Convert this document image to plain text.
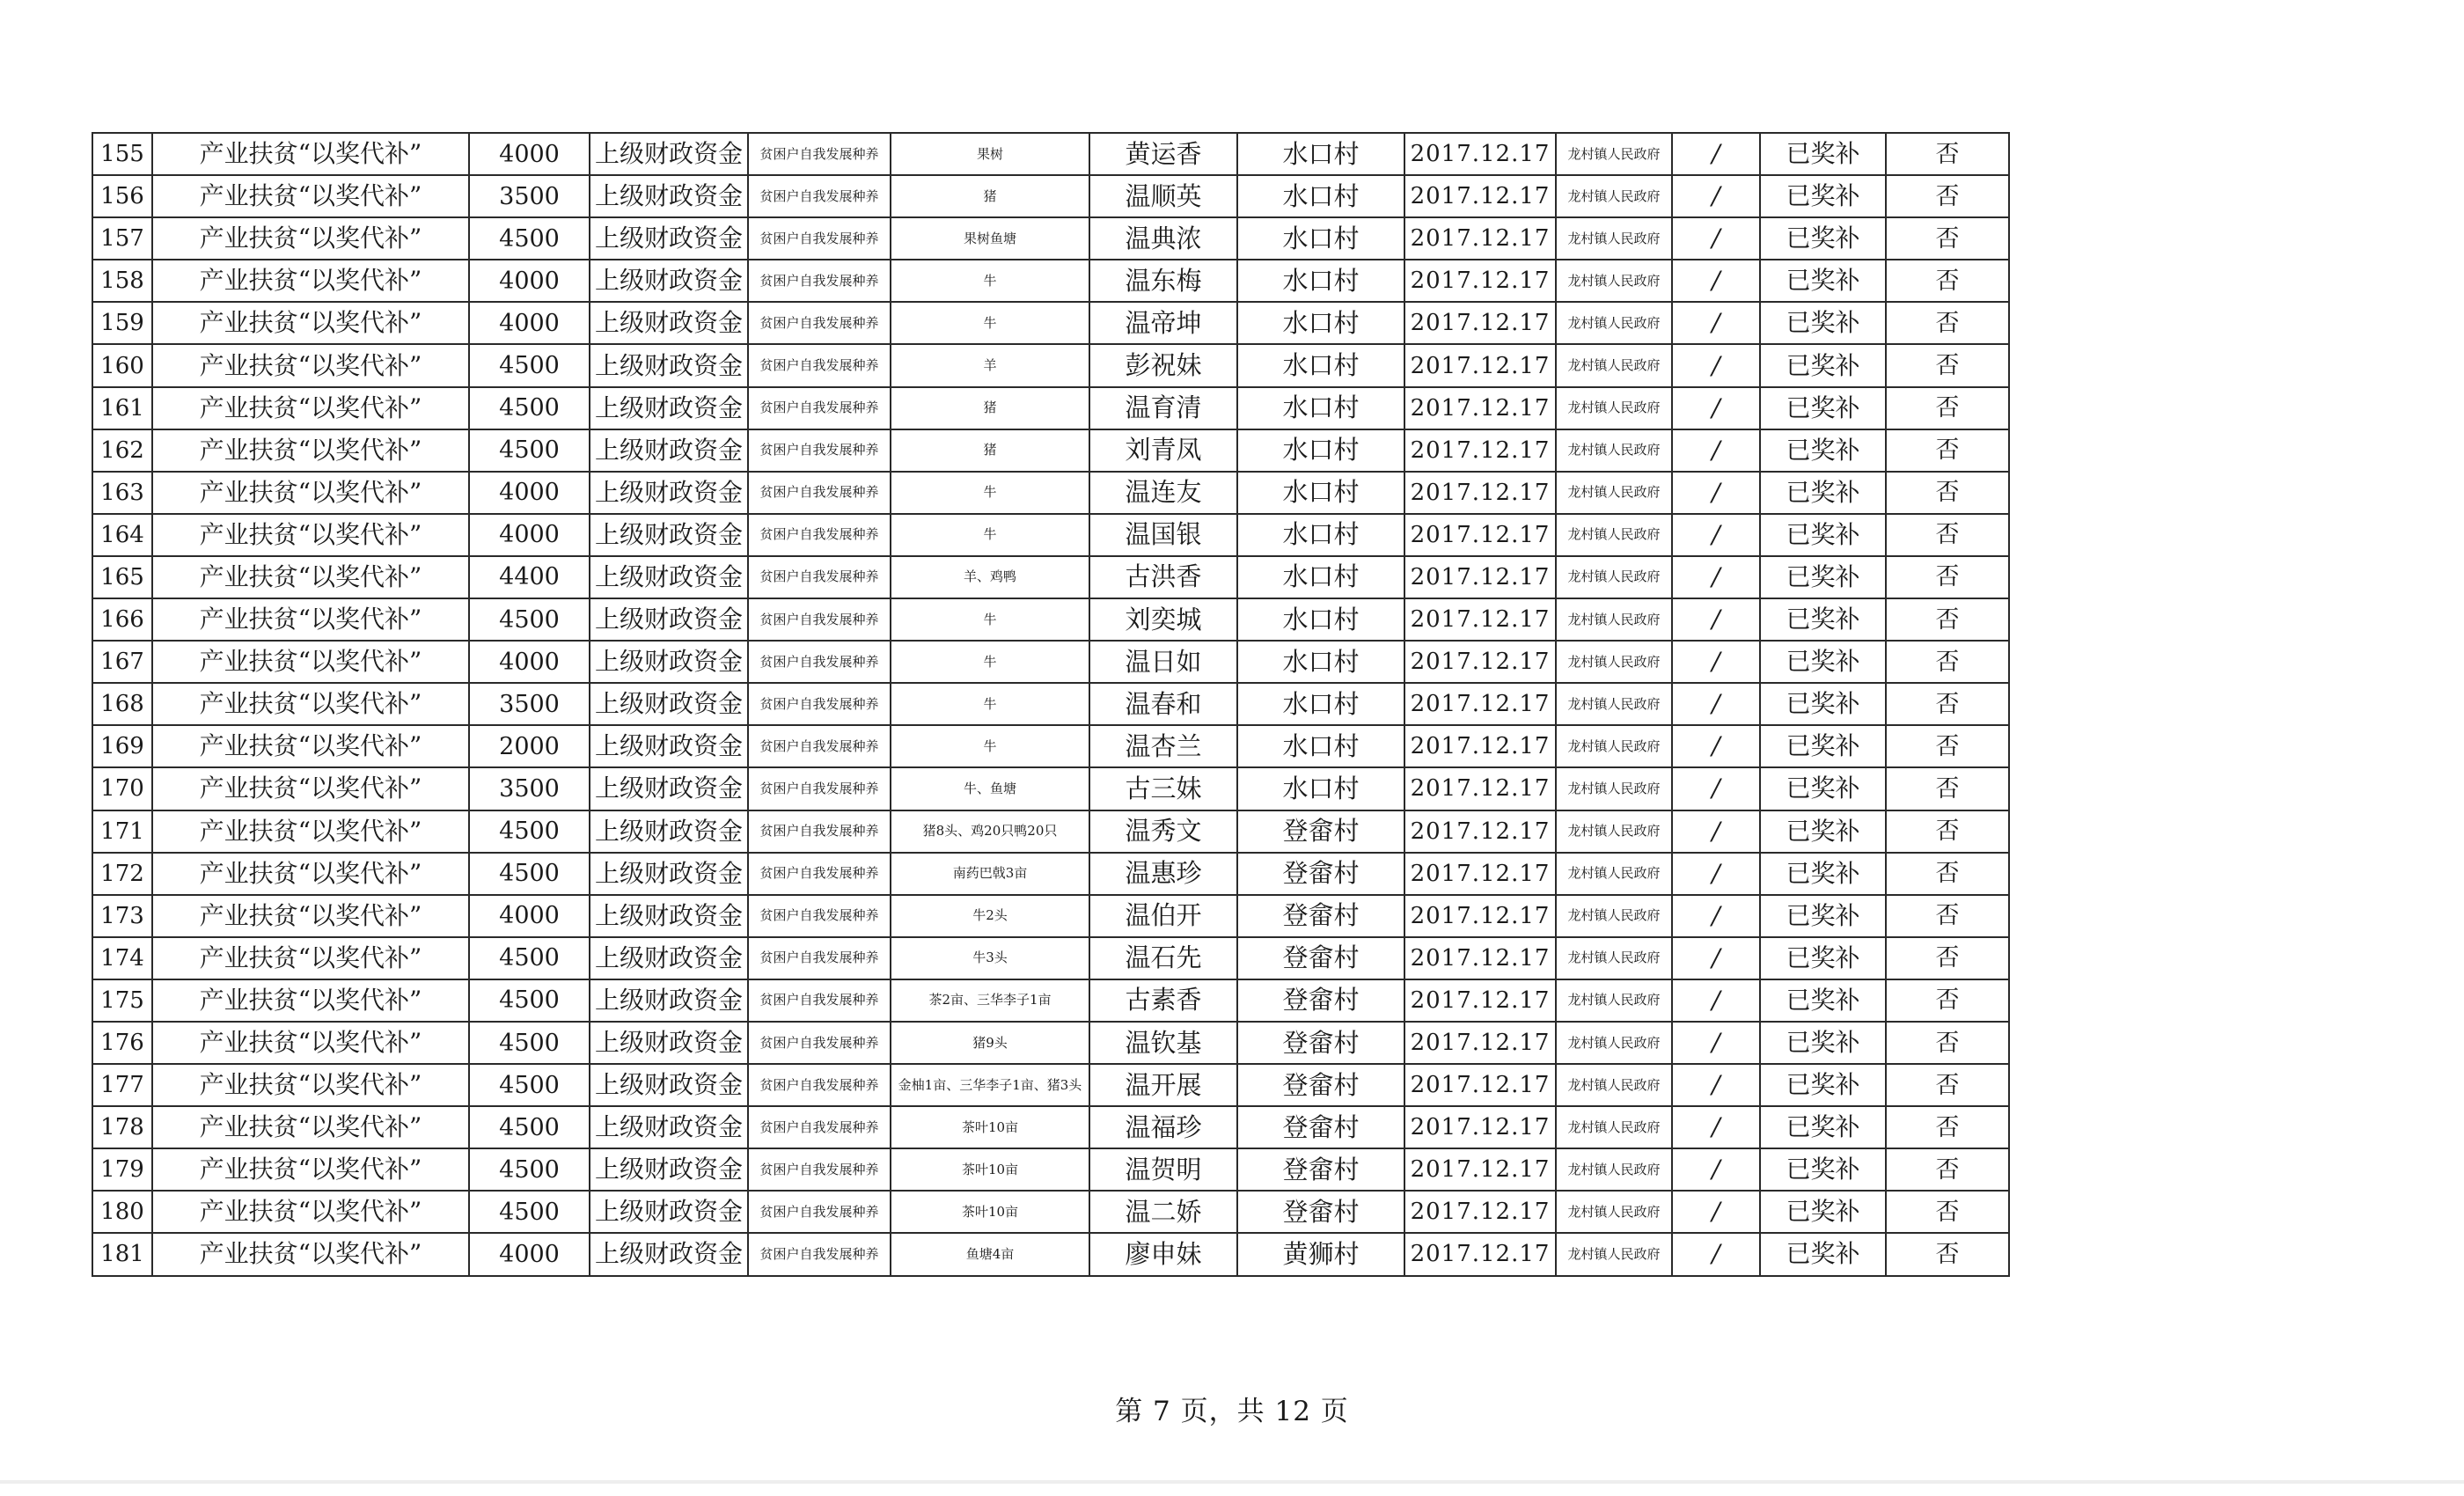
155	产业扶贫“以奖代补”	4000	上级财政资金	贫困户自我发展种养	果树	黄运香	水口村	2017.12.17	龙村镇人民政府	/	已奖补	否
156	产业扶贫“以奖代补”	3500	上级财政资金	贫困户自我发展种养	猪	温顺英	水口村	2017.12.17	龙村镇人民政府	/	已奖补	否
157	产业扶贫“以奖代补”	4500	上级财政资金	贫困户自我发展种养	果树鱼塘	温典浓	水口村	2017.12.17	龙村镇人民政府	/	已奖补	否
158	产业扶贫“以奖代补”	4000	上级财政资金	贫困户自我发展种养	牛	温东梅	水口村	2017.12.17	龙村镇人民政府	/	已奖补	否
159	产业扶贫“以奖代补”	4000	上级财政资金	贫困户自我发展种养	牛	温帝坤	水口村	2017.12.17	龙村镇人民政府	/	已奖补	否
160	产业扶贫“以奖代补”	4500	上级财政资金	贫困户自我发展种养	羊	彭祝妹	水口村	2017.12.17	龙村镇人民政府	/	已奖补	否
161	产业扶贫“以奖代补”	4500	上级财政资金	贫困户自我发展种养	猪	温育清	水口村	2017.12.17	龙村镇人民政府	/	已奖补	否
162	产业扶贫“以奖代补”	4500	上级财政资金	贫困户自我发展种养	猪	刘青凤	水口村	2017.12.17	龙村镇人民政府	/	已奖补	否
163	产业扶贫“以奖代补”	4000	上级财政资金	贫困户自我发展种养	牛	温连友	水口村	2017.12.17	龙村镇人民政府	/	已奖补	否
164	产业扶贫“以奖代补”	4000	上级财政资金	贫困户自我发展种养	牛	温国银	水口村	2017.12.17	龙村镇人民政府	/	已奖补	否
165	产业扶贫“以奖代补”	4400	上级财政资金	贫困户自我发展种养	羊、鸡鸭	古洪香	水口村	2017.12.17	龙村镇人民政府	/	已奖补	否
166	产业扶贫“以奖代补”	4500	上级财政资金	贫困户自我发展种养	牛	刘奕城	水口村	2017.12.17	龙村镇人民政府	/	已奖补	否
167	产业扶贫“以奖代补”	4000	上级财政资金	贫困户自我发展种养	牛	温日如	水口村	2017.12.17	龙村镇人民政府	/	已奖补	否
168	产业扶贫“以奖代补”	3500	上级财政资金	贫困户自我发展种养	牛	温春和	水口村	2017.12.17	龙村镇人民政府	/	已奖补	否
169	产业扶贫“以奖代补”	2000	上级财政资金	贫困户自我发展种养	牛	温杏兰	水口村	2017.12.17	龙村镇人民政府	/	已奖补	否
170	产业扶贫“以奖代补”	3500	上级财政资金	贫困户自我发展种养	牛、鱼塘	古三妹	水口村	2017.12.17	龙村镇人民政府	/	已奖补	否
171	产业扶贫“以奖代补”	4500	上级财政资金	贫困户自我发展种养	猪8头、鸡20只鸭20只	温秀文	登畲村	2017.12.17	龙村镇人民政府	/	已奖补	否
172	产业扶贫“以奖代补”	4500	上级财政资金	贫困户自我发展种养	南药巴戟3亩	温惠珍	登畲村	2017.12.17	龙村镇人民政府	/	已奖补	否
173	产业扶贫“以奖代补”	4000	上级财政资金	贫困户自我发展种养	牛2头	温伯开	登畲村	2017.12.17	龙村镇人民政府	/	已奖补	否
174	产业扶贫“以奖代补”	4500	上级财政资金	贫困户自我发展种养	牛3头	温石先	登畲村	2017.12.17	龙村镇人民政府	/	已奖补	否
175	产业扶贫“以奖代补”	4500	上级财政资金	贫困户自我发展种养	茶2亩、三华李子1亩	古素香	登畲村	2017.12.17	龙村镇人民政府	/	已奖补	否
176	产业扶贫“以奖代补”	4500	上级财政资金	贫困户自我发展种养	猪9头	温钦基	登畲村	2017.12.17	龙村镇人民政府	/	已奖补	否
177	产业扶贫“以奖代补”	4500	上级财政资金	贫困户自我发展种养	金柚1亩、三华李子1亩、猪3头	温开展	登畲村	2017.12.17	龙村镇人民政府	/	已奖补	否
178	产业扶贫“以奖代补”	4500	上级财政资金	贫困户自我发展种养	茶叶10亩	温福珍	登畲村	2017.12.17	龙村镇人民政府	/	已奖补	否
179	产业扶贫“以奖代补”	4500	上级财政资金	贫困户自我发展种养	茶叶10亩	温贺明	登畲村	2017.12.17	龙村镇人民政府	/	已奖补	否
180	产业扶贫“以奖代补”	4500	上级财政资金	贫困户自我发展种养	茶叶10亩	温二娇	登畲村	2017.12.17	龙村镇人民政府	/	已奖补	否
181	产业扶贫“以奖代补”	4000	上级财政资金	贫困户自我发展种养	鱼塘4亩	廖申妹	黄狮村	2017.12.17	龙村镇人民政府	/	已奖补	否
第 7 页，共 12 页
